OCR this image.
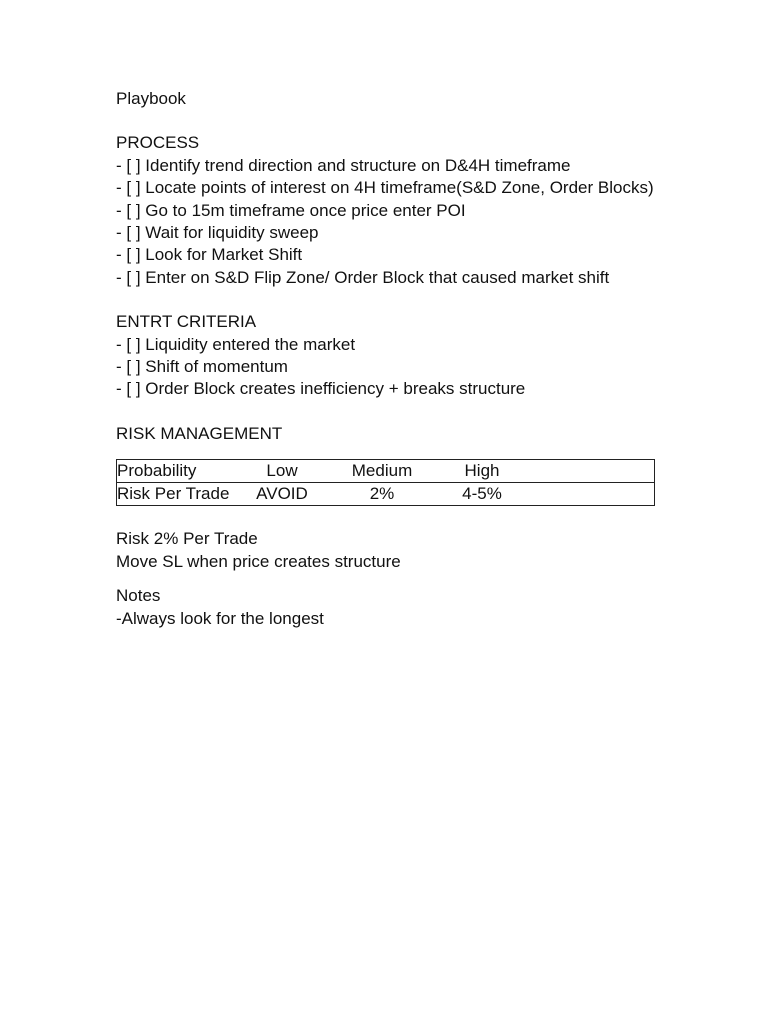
Playbook
PROCESS
- [ ] Identify trend direction and structure on D&4H timeframe
- [ ] Locate points of interest on 4H timeframe(S&D Zone, Order Blocks)
- [ ] Go to 15m timeframe once price enter POI
- [ ] Wait for liquidity sweep
- [ ] Look for Market Shift
- [ ] Enter on S&D Flip Zone/ Order Block that caused market shift
ENTRT CRITERIA
- [ ] Liquidity entered the market
- [ ] Shift of momentum
- [ ] Order Block creates inefficiency + breaks structure
RISK MANAGEMENT
Probability	Low	Medium	High	
Risk Per Trade	AVOID	2%	4-5%	
Risk 2% Per Trade
Move SL when price creates structure
Notes
-Always look for the longest
